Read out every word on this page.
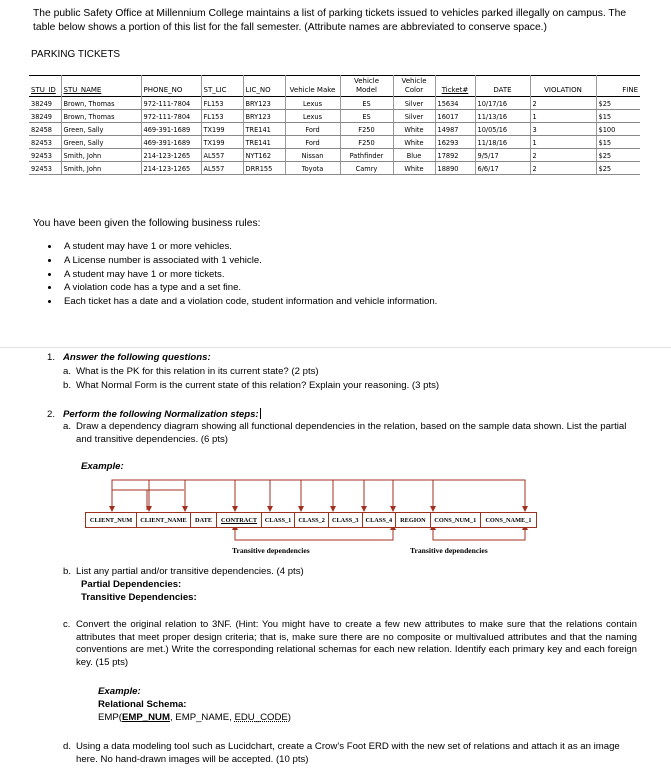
The public Safety Office at Millennium College maintains a list of parking tickets issued to vehicles parked illegally on campus. The table below shows a portion of this list for the fall semester. (Attribute names are abbreviated to conserve space.)
PARKING TICKETS
STU_ID	STU_NAME	PHONE_NO	ST_LIC	LIC_NO	Vehicle Make	Vehicle Model	Vehicle Color	Ticket#	DATE	VIOLATION	FINE
38249	Brown, Thomas	972-111-7804	FL153	BRY123	Lexus	ES	Silver	15634	10/17/16	2	$25
38249	Brown, Thomas	972-111-7804	FL153	BRY123	Lexus	ES	Silver	16017	11/13/16	1	$15
82458	Green, Sally	469-391-1689	TX199	TRE141	Ford	F250	White	14987	10/05/16	3	$100
82453	Green, Sally	469-391-1689	TX199	TRE141	Ford	F250	White	16293	11/18/16	1	$15
92453	Smith, John	214-123-1265	AL557	NYT162	Nissan	Pathfinder	Blue	17892	9/5/17	2	$25
92453	Smith, John	214-123-1265	AL557	DRR155	Toyota	Camry	White	18890	6/6/17	2	$25
You have been given the following business rules:
• A student may have 1 or more vehicles.
• A License number is associated with 1 vehicle.
• A student may have 1 or more tickets.
• A violation code has a type and a set fine.
• Each ticket has a date and a violation code, student information and vehicle information.
1. Answer the following questions:
a. What is the PK for this relation in its current state? (2 pts)
b. What Normal Form is the current state of this relation? Explain your reasoning. (3 pts)
2. Perform the following Normalization steps:
a. Draw a dependency diagram showing all functional dependencies in the relation, based on the sample data shown. List the partial and transitive dependencies. (6 pts)
Example:
CLIENT_NUM	CLIENT_NAME	DATE	CONTRACT	CLASS_1	CLASS_2	CLASS_3	CLASS_4	REGION	CONS_NUM_1	CONS_NAME_1
Transitive dependencies	Transitive dependencies
b. List any partial and/or transitive dependencies. (4 pts)
Partial Dependencies:
Transitive Dependencies:
c. Convert the original relation to 3NF. (Hint: You might have to create a few new attributes to make sure that the relations contain attributes that meet proper design criteria; that is, make sure there are no composite or multivalued attributes and that the naming conventions are met.) Write the corresponding relational schemas for each new relation. Identify each primary key and each foreign key. (15 pts)
Example:
Relational Schema:
EMP(EMP_NUM, EMP_NAME, EDU_CODE)
d. Using a data modeling tool such as Lucidchart, create a Crow’s Foot ERD with the new set of relations and attach it as an image here. No hand-drawn images will be accepted. (10 pts)
